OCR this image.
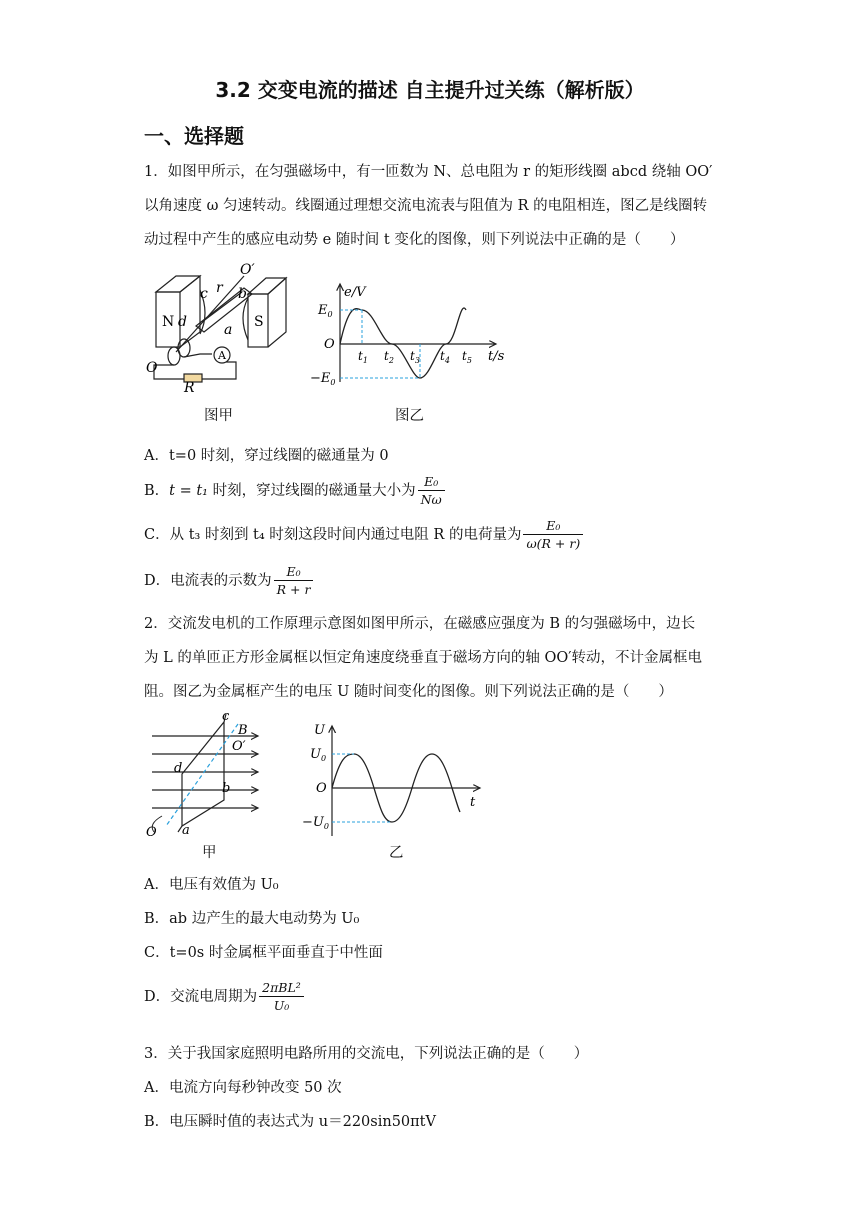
3.2 交变电流的描述 自主提升过关练（解析版）
一、选择题
1．如图甲所示，在匀强磁场中，有一匝数为 N、总电阻为 r 的矩形线圈 abcd 绕轴 OO′
以角速度 ω 匀速转动。线圈通过理想交流电流表与阻值为 R 的电阻相连，图乙是线圈转
动过程中产生的感应电动势 e 随时间 t 变化的图像，则下列说法中正确的是（　　）
O′
c r b
N d	a S
A
O
R
图甲
e/V
$E_0$
O
$-E_0$
t/s
$t_1$ $t_2$ $t_3$ $t_4$ $t_5$
图乙
A．t=0 时刻，穿过线圈的磁通量为 0
B．t = t₁ 时刻，穿过线圈的磁通量大小为 $\frac{\text{E₀}}{N\omega}$
C．从 t₃ 时刻到 t₄ 时刻这段时间内通过电阻 R 的电荷量为 $\frac{\text{E₀}}{\omega(R + r)}$
D．电流表的示数为 $\frac{\text{E₀}}{R + r}$
2．交流发电机的工作原理示意图如图甲所示，在磁感应强度为 B 的匀强磁场中，边长
为 L 的单匝正方形金属框以恒定角速度绕垂直于磁场方向的轴 OO′转动，不计金属框电
阻。图乙为金属框产生的电压 U 随时间变化的图像。则下列说法正确的是（　　）
c
B
O′
d
b
a
O
甲
U
$U_0$
O
$-U_0$
t
乙
A．电压有效值为 U₀
B．ab 边产生的最大电动势为 U₀
C．t=0s 时金属框平面垂直于中性面
D．交流电周期为 $\frac{\text{2πBL²}}{\text{U₀}}$
3．关于我国家庭照明电路所用的交流电，下列说法正确的是（　　）
A．电流方向每秒钟改变 50 次
B．电压瞬时值的表达式为 u＝220sin50πtV
